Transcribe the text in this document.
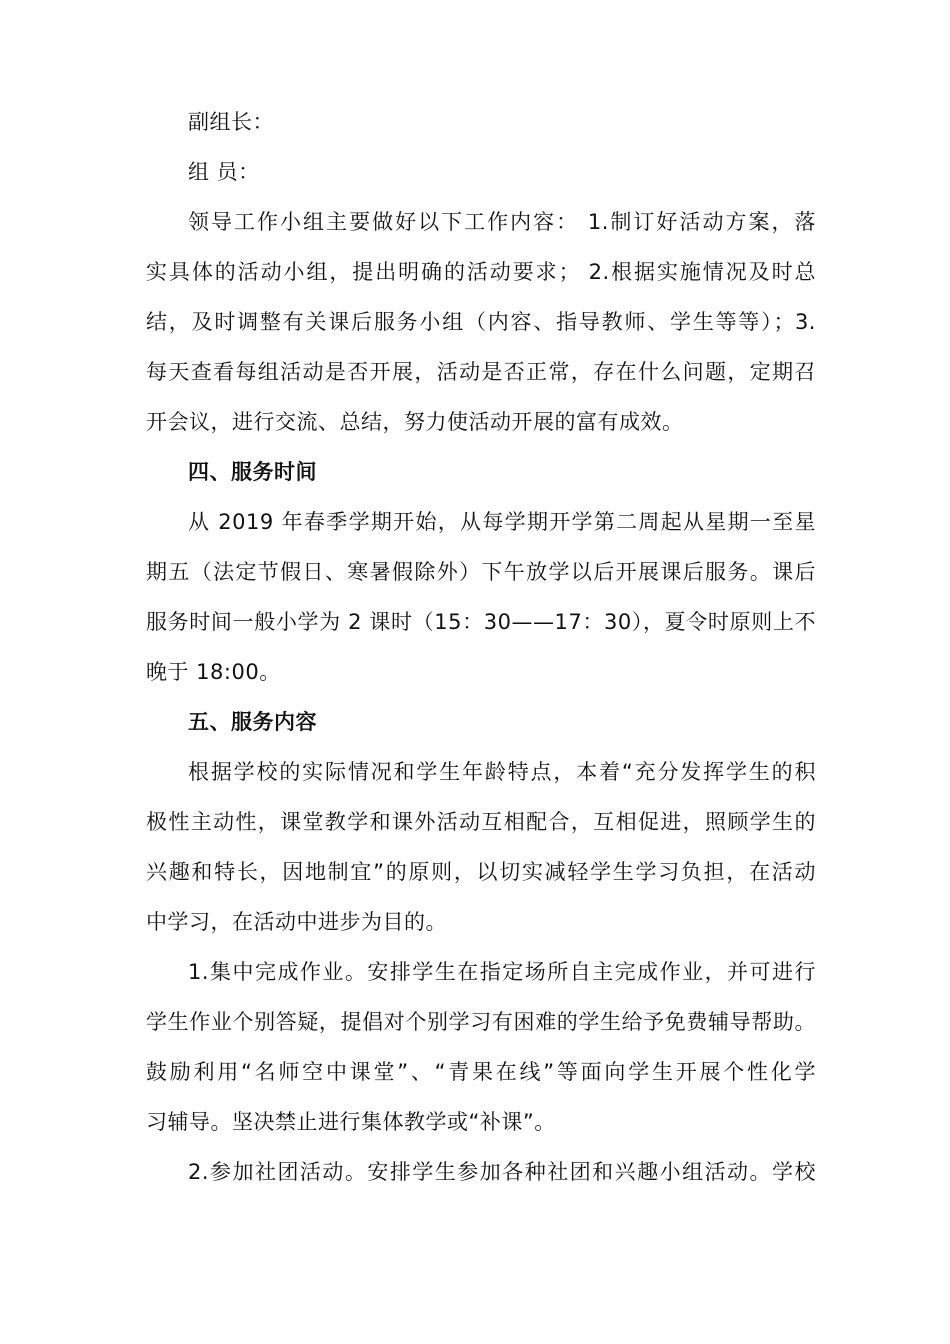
副组长：
组 员：
领导工作小组主要做好以下工作内容： 1.制订好活动方案，落
实具体的活动小组，提出明确的活动要求； 2.根据实施情况及时总
结，及时调整有关课后服务小组（内容、指导教师、学生等等）；3.
每天查看每组活动是否开展，活动是否正常，存在什么问题，定期召
开会议，进行交流、总结，努力使活动开展的富有成效。
四、服务时间
从 2019 年春季学期开始，从每学期开学第二周起从星期一至星
期五（法定节假日、寒暑假除外）下午放学以后开展课后服务。课后
服务时间一般小学为 2 课时（15：30——17：30），夏令时原则上不
晚于 18:00。
五、服务内容
根据学校的实际情况和学生年龄特点，本着“充分发挥学生的积
极性主动性，课堂教学和课外活动互相配合，互相促进，照顾学生的
兴趣和特长，因地制宜”的原则，以切实减轻学生学习负担，在活动
中学习，在活动中进步为目的。
1.集中完成作业。安排学生在指定场所自主完成作业，并可进行
学生作业个别答疑，提倡对个别学习有困难的学生给予免费辅导帮助。
鼓励利用“名师空中课堂”、“青果在线”等面向学生开展个性化学
习辅导。坚决禁止进行集体教学或“补课”。
2.参加社团活动。安排学生参加各种社团和兴趣小组活动。学校
